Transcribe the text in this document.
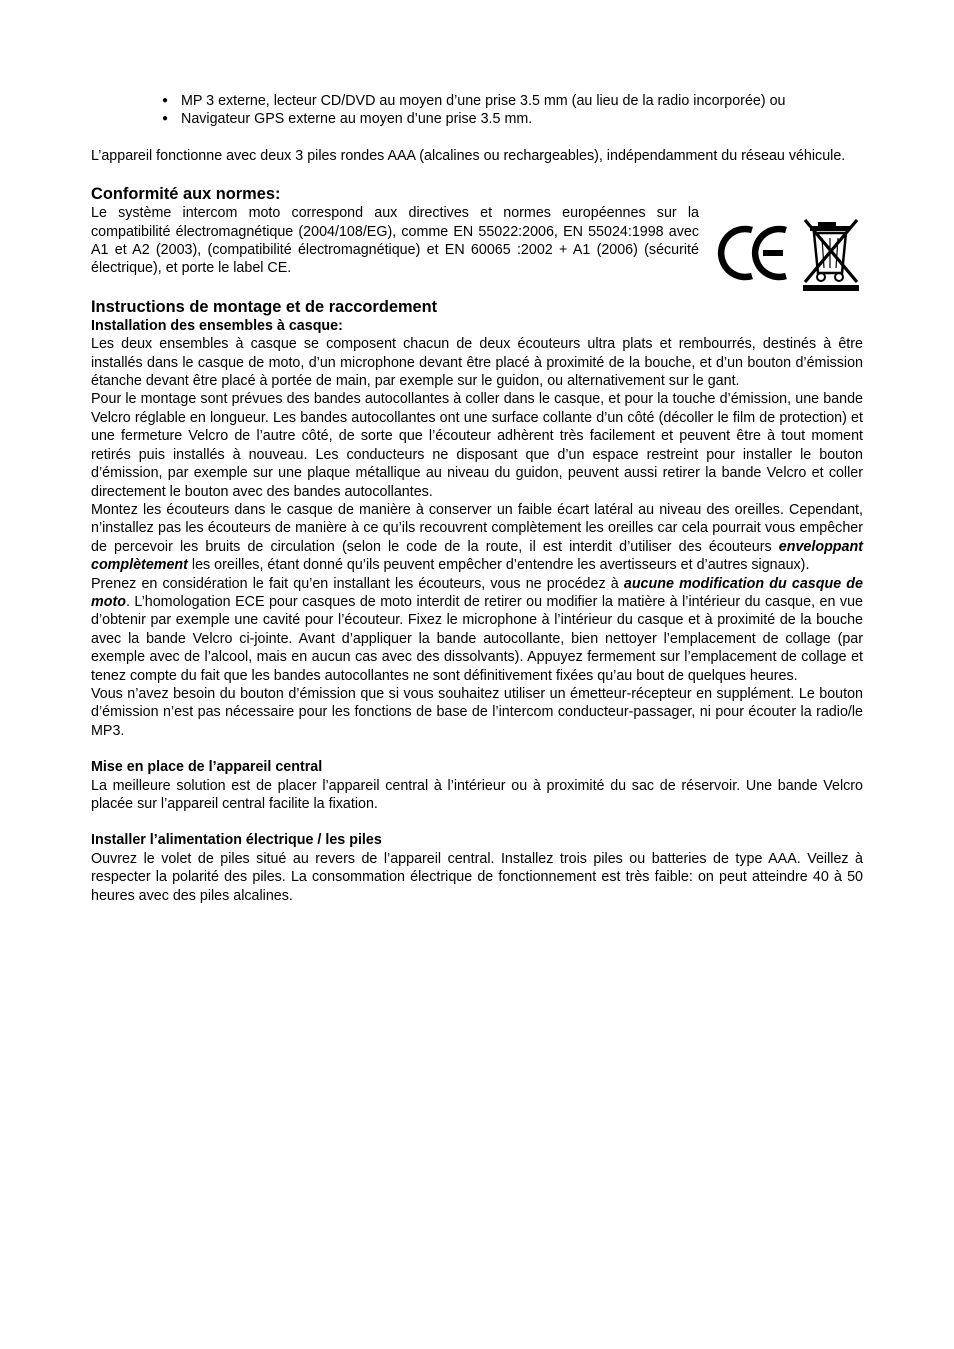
● MP 3 externe, lecteur CD/DVD au moyen d’une prise 3.5 mm (au lieu de la radio incorporée) ou
● Navigateur GPS externe au moyen d’une prise 3.5 mm.

L’appareil fonctionne avec deux 3 piles rondes AAA (alcalines ou rechargeables), indépendamment du réseau véhicule.

Conformité aux normes:

Le système intercom moto correspond aux directives et normes européennes sur la compatibilité électromagnétique (2004/108/EG), comme EN 55022:2006, EN 55024:1998 avec A1 et A2 (2003), (compatibilité électromagnétique) et EN 60065 :2002 + A1 (2006) (sécurité électrique), et porte le label CE.

Instructions de montage et de raccordement
Installation des ensembles à casque:

Les deux ensembles à casque se composent chacun de deux écouteurs ultra plats et rembourrés, destinés à être installés dans le casque de moto, d’un microphone devant être placé à proximité de la bouche, et d’un bouton d’émission étanche devant être placé à portée de main, par exemple sur le guidon, ou alternativement sur le gant.

Pour le montage sont prévues des bandes autocollantes à coller dans le casque, et pour la touche d’émission, une bande Velcro réglable en longueur. Les bandes autocollantes ont une surface collante d’un côté (décoller le film de protection) et une fermeture Velcro de l’autre côté, de sorte que l’écouteur adhèrent très facilement et peuvent être à tout moment retirés puis installés à nouveau. Les conducteurs ne disposant que d’un espace restreint pour installer le bouton d’émission, par exemple sur une plaque métallique au niveau du guidon, peuvent aussi retirer la bande Velcro et coller directement le bouton avec des bandes autocollantes.

Montez les écouteurs dans le casque de manière à conserver un faible écart latéral au niveau des oreilles. Cependant, n’installez pas les écouteurs de manière à ce qu’ils recouvrent complètement les oreilles car cela pourrait vous empêcher de percevoir les bruits de circulation (selon le code de la route, il est interdit d’utiliser des écouteurs enveloppant complètement les oreilles, étant donné qu’ils peuvent empêcher d’entendre les avertisseurs et d’autres signaux).

Prenez en considération le fait qu’en installant les écouteurs, vous ne procédez à aucune modification du casque de moto. L’homologation ECE pour casques de moto interdit de retirer ou modifier la matière à l’intérieur du casque, en vue d’obtenir par exemple une cavité pour l’écouteur. Fixez le microphone à l’intérieur du casque et à proximité de la bouche avec la bande Velcro ci-jointe. Avant d’appliquer la bande autocollante, bien nettoyer l’emplacement de collage (par exemple avec de l’alcool, mais en aucun cas avec des dissolvants). Appuyez fermement sur l’emplacement de collage et tenez compte du fait que les bandes autocollantes ne sont définitivement fixées qu’au bout de quelques heures.

Vous n’avez besoin du bouton d’émission que si vous souhaitez utiliser un émetteur-récepteur en supplément. Le bouton d’émission n’est pas nécessaire pour les fonctions de base de l’intercom conducteur-passager, ni pour écouter la radio/le MP3.

Mise en place de l’appareil central

La meilleure solution est de placer l’appareil central à l’intérieur ou à proximité du sac de réservoir. Une bande Velcro placée sur l’appareil central facilite la fixation.

Installer l’alimentation électrique / les piles

Ouvrez le volet de piles situé au revers de l’appareil central. Installez trois piles ou batteries de type AAA. Veillez à respecter la polarité des piles. La consommation électrique de fonctionnement est très faible: on peut atteindre 40 à 50 heures avec des piles alcalines.
